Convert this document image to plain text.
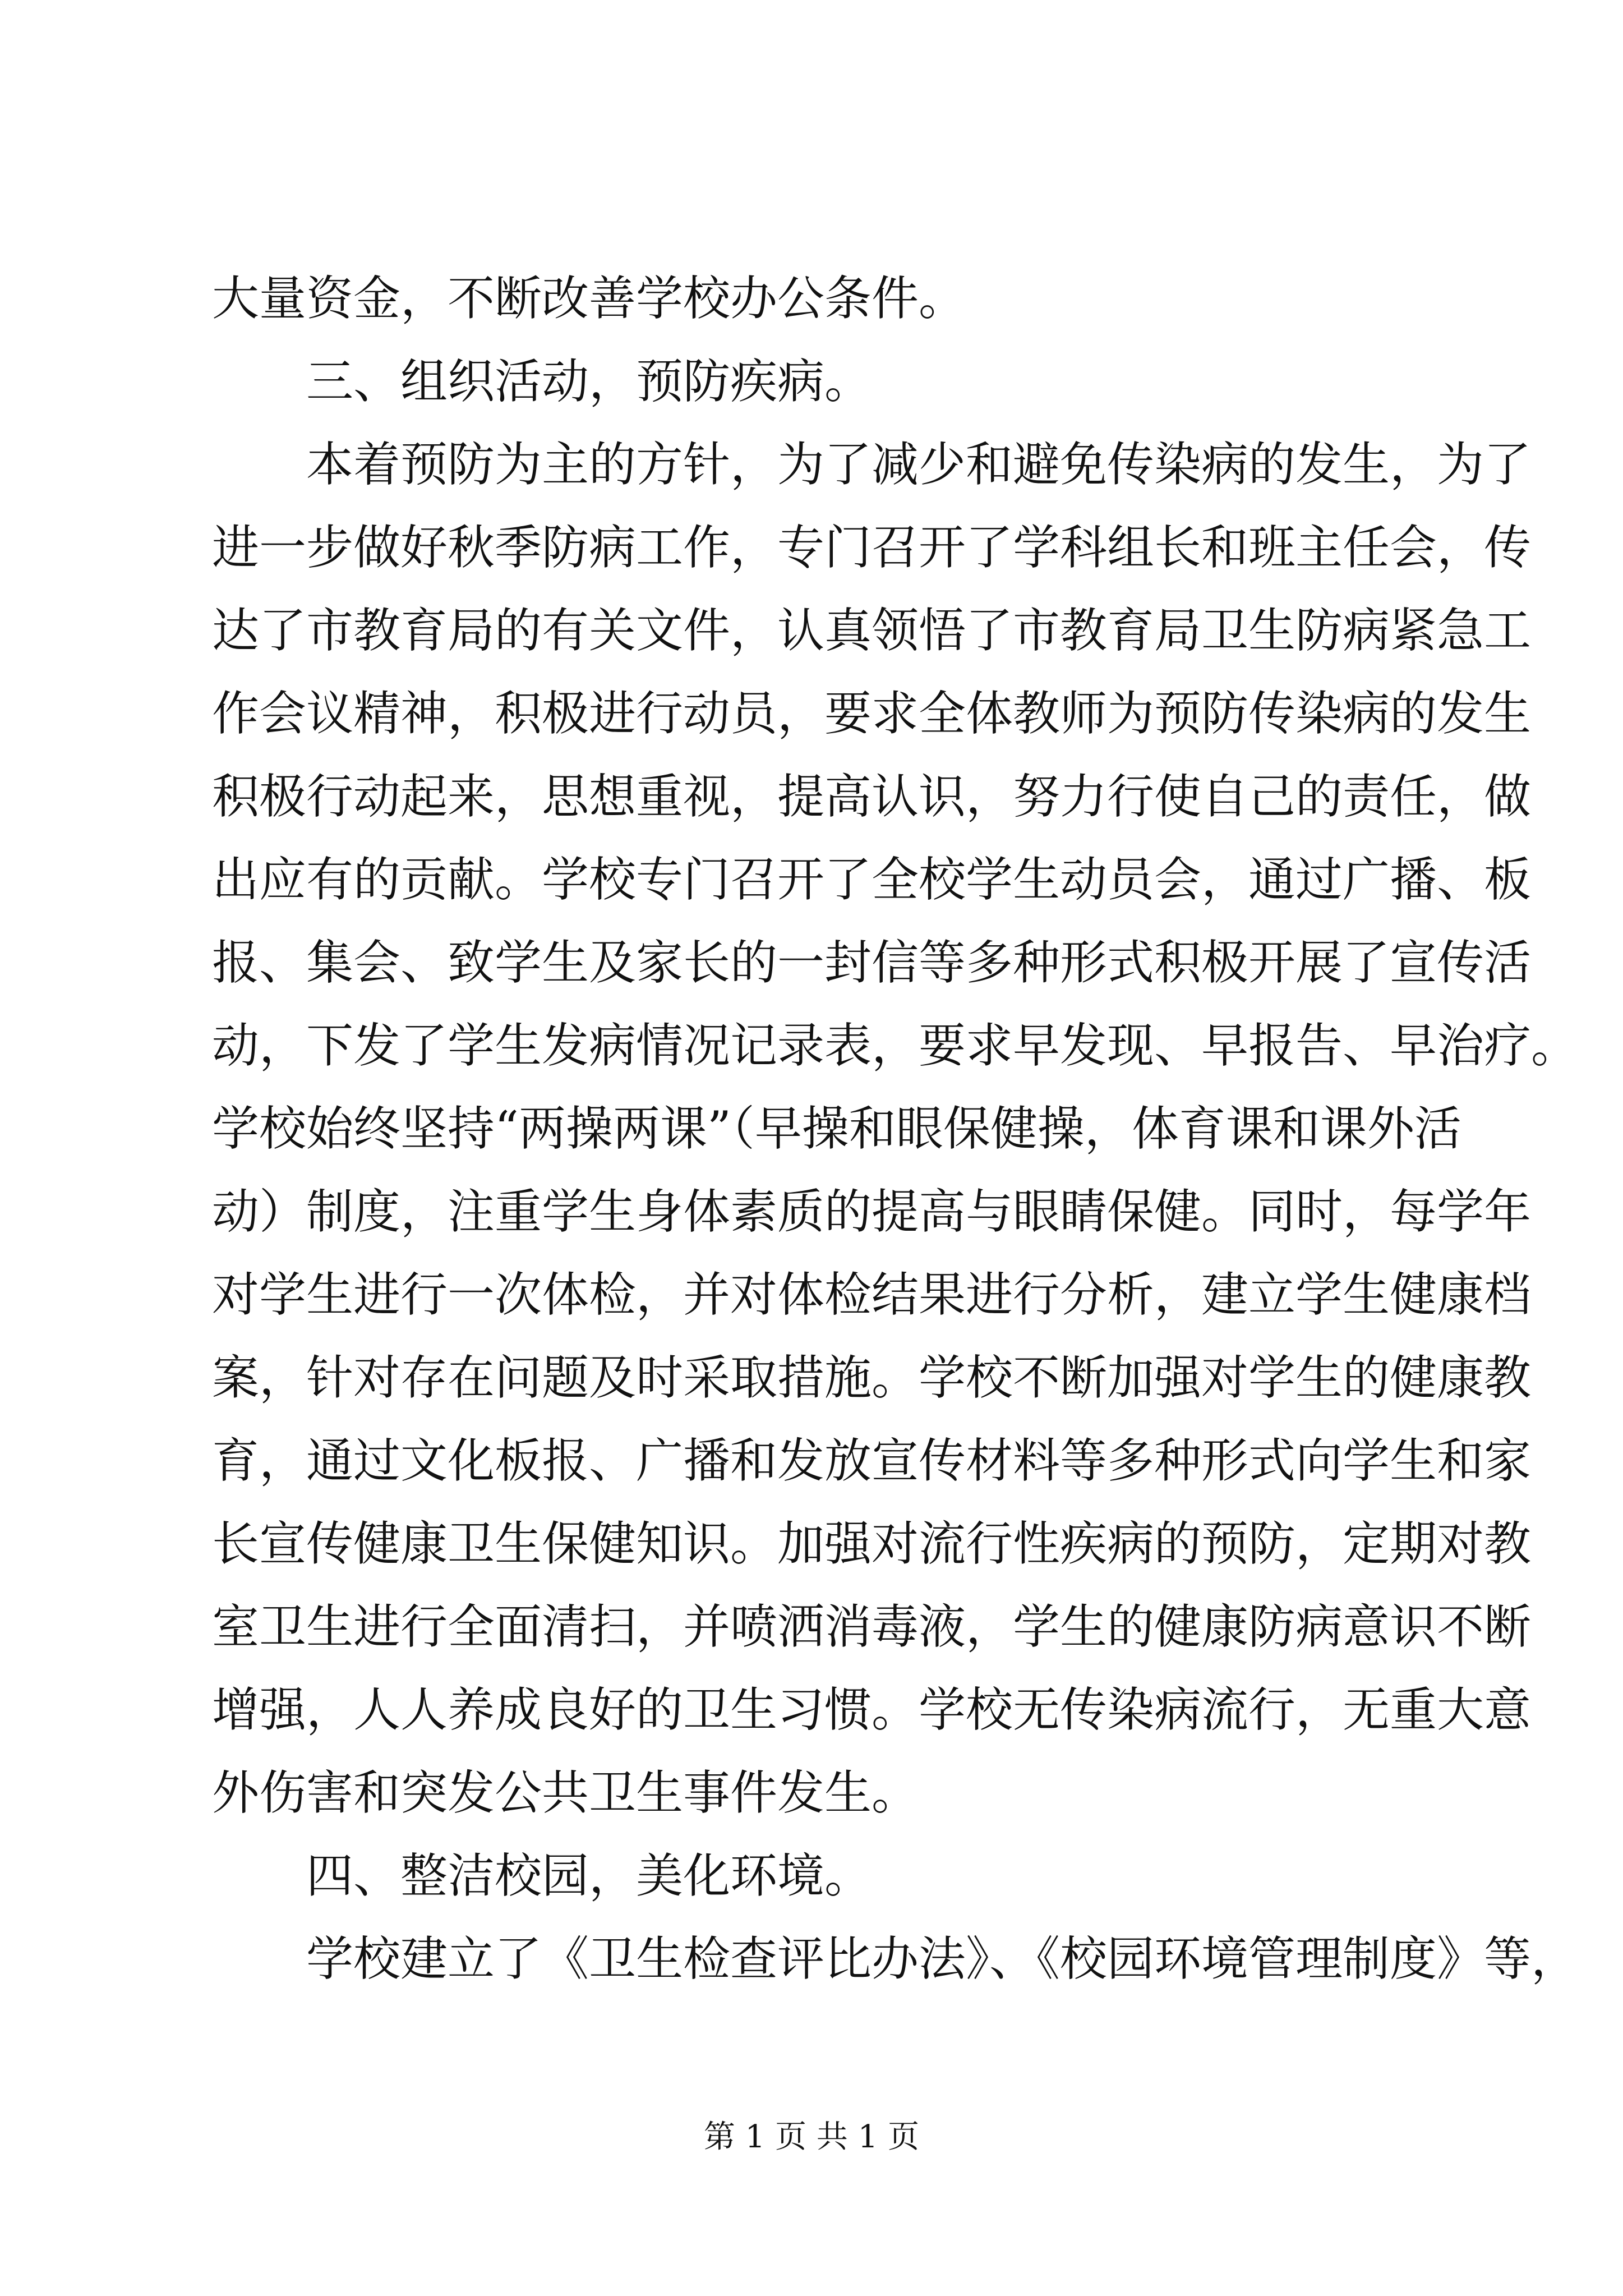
大量资金，不断改善学校办公条件。
三、组织活动，预防疾病。
本着预防为主的方针，为了减少和避免传染病的发生，为了
进一步做好秋季防病工作，专门召开了学科组长和班主任会，传
达了市教育局的有关文件，认真领悟了市教育局卫生防病紧急工
作会议精神，积极进行动员，要求全体教师为预防传染病的发生
积极行动起来，思想重视，提高认识，努力行使自己的责任，做
出应有的贡献。学校专门召开了全校学生动员会，通过广播、板
报、集会、致学生及家长的一封信等多种形式积极开展了宣传活
动，下发了学生发病情况记录表，要求早发现、早报告、早治疗。
学校始终坚持“两操两课”（早操和眼保健操，体育课和课外活
动）制度，注重学生身体素质的提高与眼睛保健。同时，每学年
对学生进行一次体检，并对体检结果进行分析，建立学生健康档
案，针对存在问题及时采取措施。学校不断加强对学生的健康教
育，通过文化板报、广播和发放宣传材料等多种形式向学生和家
长宣传健康卫生保健知识。加强对流行性疾病的预防，定期对教
室卫生进行全面清扫，并喷洒消毒液，学生的健康防病意识不断
增强，人人养成良好的卫生习惯。学校无传染病流行，无重大意
外伤害和突发公共卫生事件发生。
四、整洁校园，美化环境。
学校建立了《卫生检查评比办法》、《校园环境管理制度》等，
第 1 页 共 1 页
